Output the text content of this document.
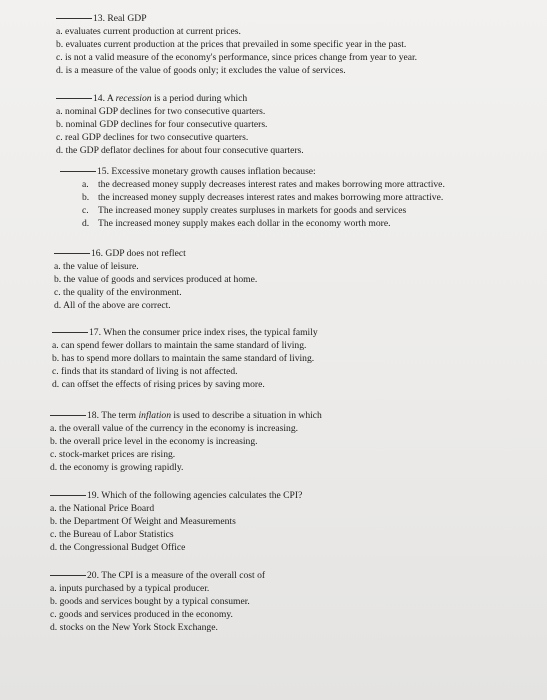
13. Real GDP
a. evaluates current production at current prices.
b. evaluates current production at the prices that prevailed in some specific year in the past.
c. is not a valid measure of the economy's performance, since prices change from year to year.
d. is a measure of the value of goods only; it excludes the value of services.
14. A recession is a period during which
a. nominal GDP declines for two consecutive quarters.
b. nominal GDP declines for four consecutive quarters.
c. real GDP declines for two consecutive quarters.
d. the GDP deflator declines for about four consecutive quarters.
15. Excessive monetary growth causes inflation because:
a. the decreased money supply decreases interest rates and makes borrowing more attractive.
b. the increased money supply decreases interest rates and makes borrowing more attractive.
c. The increased money supply creates surpluses in markets for goods and services
d. The increased money supply makes each dollar in the economy worth more.
16. GDP does not reflect
a. the value of leisure.
b. the value of goods and services produced at home.
c. the quality of the environment.
d. All of the above are correct.
17. When the consumer price index rises, the typical family
a. can spend fewer dollars to maintain the same standard of living.
b. has to spend more dollars to maintain the same standard of living.
c. finds that its standard of living is not affected.
d. can offset the effects of rising prices by saving more.
18. The term inflation is used to describe a situation in which
a. the overall value of the currency in the economy is increasing.
b. the overall price level in the economy is increasing.
c. stock-market prices are rising.
d. the economy is growing rapidly.
19. Which of the following agencies calculates the CPI?
a. the National Price Board
b. the Department Of Weight and Measurements
c. the Bureau of Labor Statistics
d. the Congressional Budget Office
20. The CPI is a measure of the overall cost of
a. inputs purchased by a typical producer.
b. goods and services bought by a typical consumer.
c. goods and services produced in the economy.
d. stocks on the New York Stock Exchange.
